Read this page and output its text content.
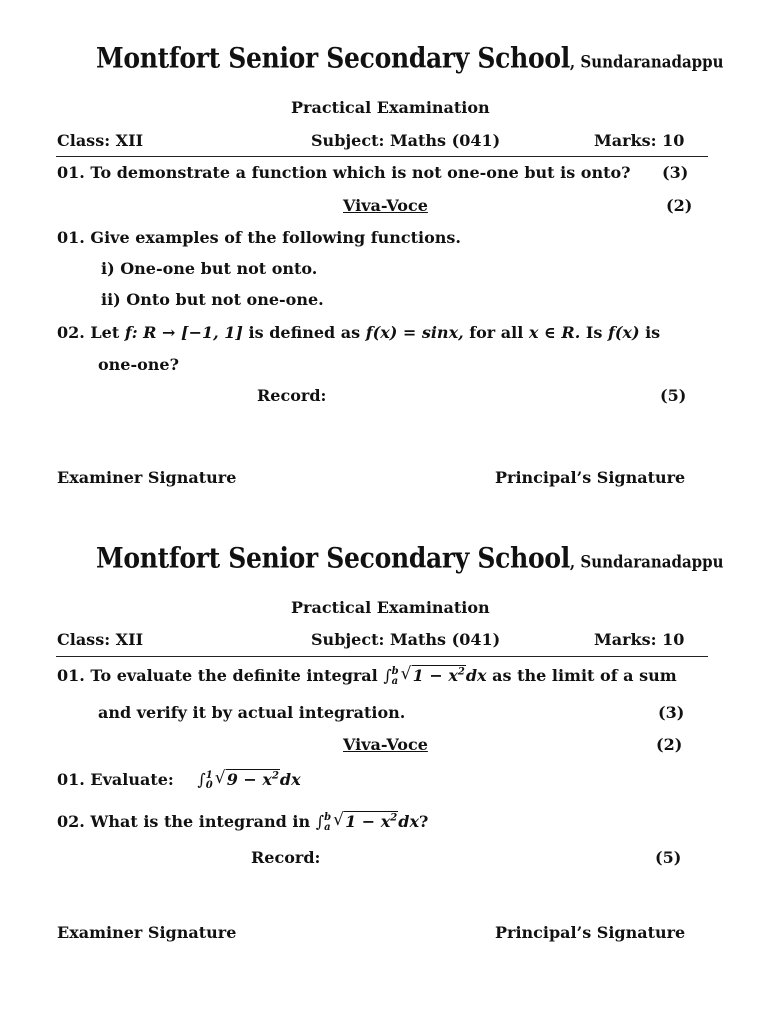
Montfort Senior Secondary School, Sundaranadappu
Practical Examination
Class: XII	Subject: Maths (041)	Marks: 10
01. To demonstrate a function which is not one-one but is onto? (3)
Viva-Voce	(2)
01. Give examples of the following functions.
i) One-one but not onto.
ii) Onto but not one-one.
02. Let f: R → [−1, 1] is defined as f(x) = sinx, for all x ∈ R. Is f(x) is
one-one?
Record:	(5)
Examiner Signature	Principal’s Signature
Montfort Senior Secondary School, Sundaranadappu
Practical Examination
Class: XII	Subject: Maths (041)	Marks: 10
01. To evaluate the definite integral ∫b
a √ $1 - x^2dx$ as the limit of a sum
and verify it by actual integration.	(3)
Viva-Voce	(2)
01. Evaluate: ∫1
0 √ $9 - x^2dx$
02. What is the integrand in ∫b
a √ $1 - x^2dx$?
Record:	(5)
Examiner Signature	Principal’s Signature
